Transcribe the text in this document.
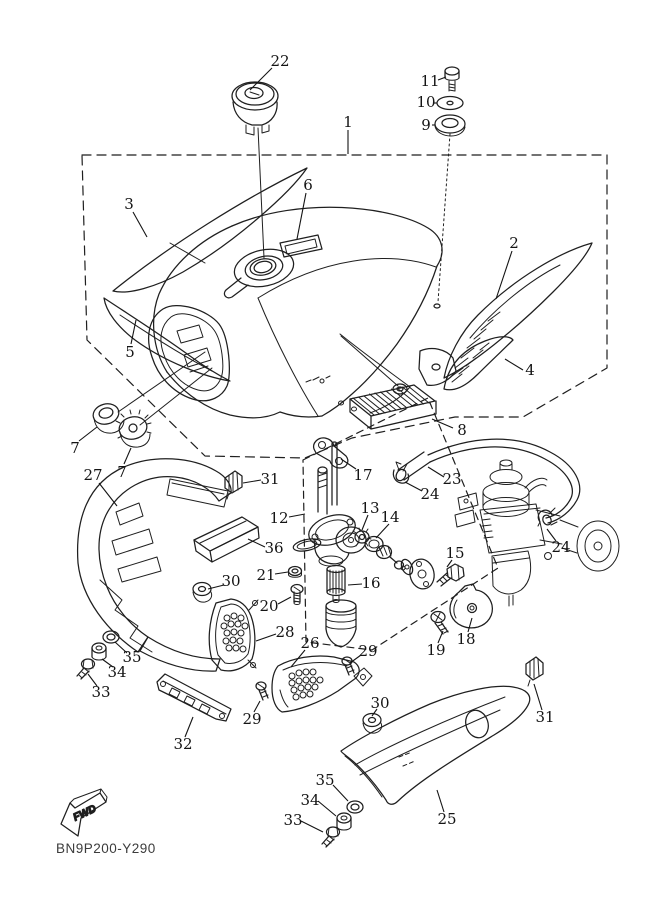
FWD
BN9P200-Y290
22
11
10
9
1
3
6
2
5
4
7
7
27	31	17
12
13 14
23
24
24
8
36	15
16
21
30
20
28
26	29	19
18
35
34
33
29
32
30
31
25
35
34
33
